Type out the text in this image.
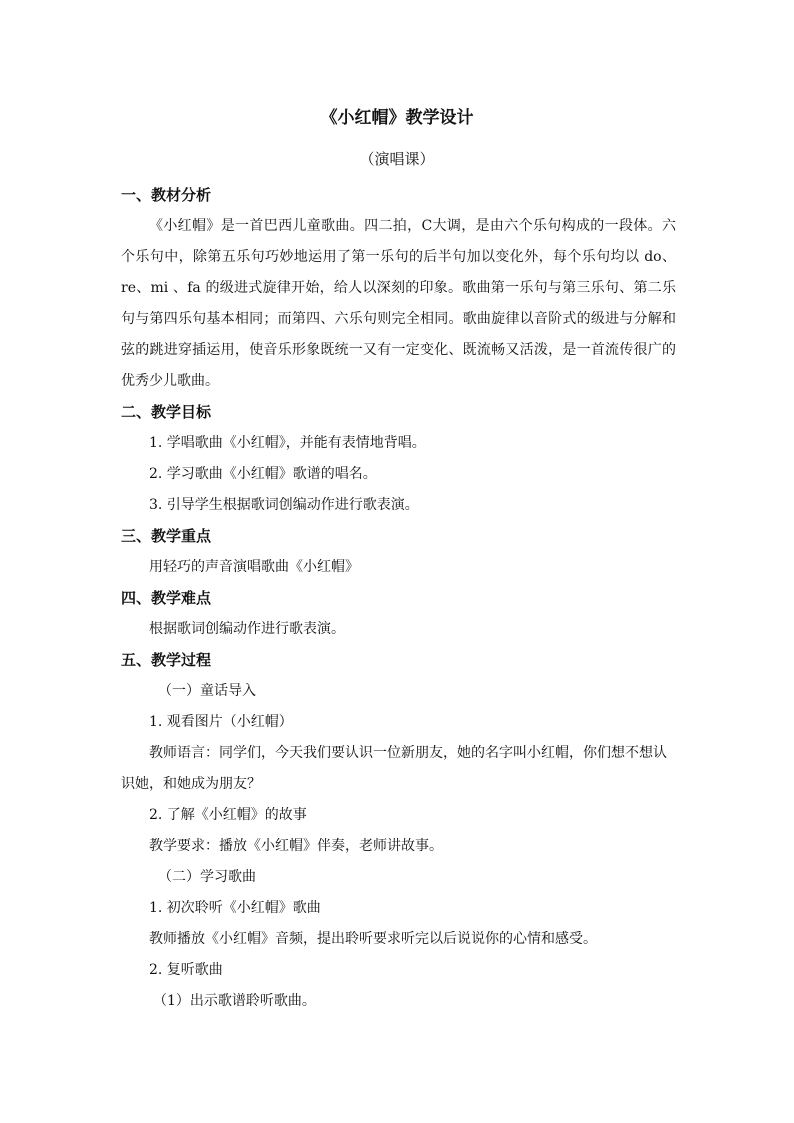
《小红帽》教学设计
（演唱课）

一、教材分析

《小红帽》是一首巴西儿童歌曲。四二拍，C大调，是由六个乐句构成的一段体。六个乐句中，除第五乐句巧妙地运用了第一乐句的后半句加以变化外，每个乐句均以 do、re、mi 、fa 的级进式旋律开始，给人以深刻的印象。歌曲第一乐句与第三乐句、第二乐句与第四乐句基本相同；而第四、六乐句则完全相同。歌曲旋律以音阶式的级进与分解和弦的跳进穿插运用，使音乐形象既统一又有一定变化、既流畅又活泼，是一首流传很广的优秀少儿歌曲。

二、教学目标

1. 学唱歌曲《小红帽》，并能有表情地背唱。

2. 学习歌曲《小红帽》歌谱的唱名。

3. 引导学生根据歌词创编动作进行歌表演。

三、教学重点

用轻巧的声音演唱歌曲《小红帽》

四、教学难点

根据歌词创编动作进行歌表演。

五、教学过程

（一）童话导入

1. 观看图片（小红帽）

教师语言：同学们，今天我们要认识一位新朋友，她的名字叫小红帽，你们想不想认识她，和她成为朋友？

2. 了解《小红帽》的故事

教学要求：播放《小红帽》伴奏，老师讲故事。

（二）学习歌曲

1. 初次聆听《小红帽》歌曲

教师播放《小红帽》音频，提出聆听要求听完以后说说你的心情和感受。

2. 复听歌曲

（1）出示歌谱聆听歌曲。
